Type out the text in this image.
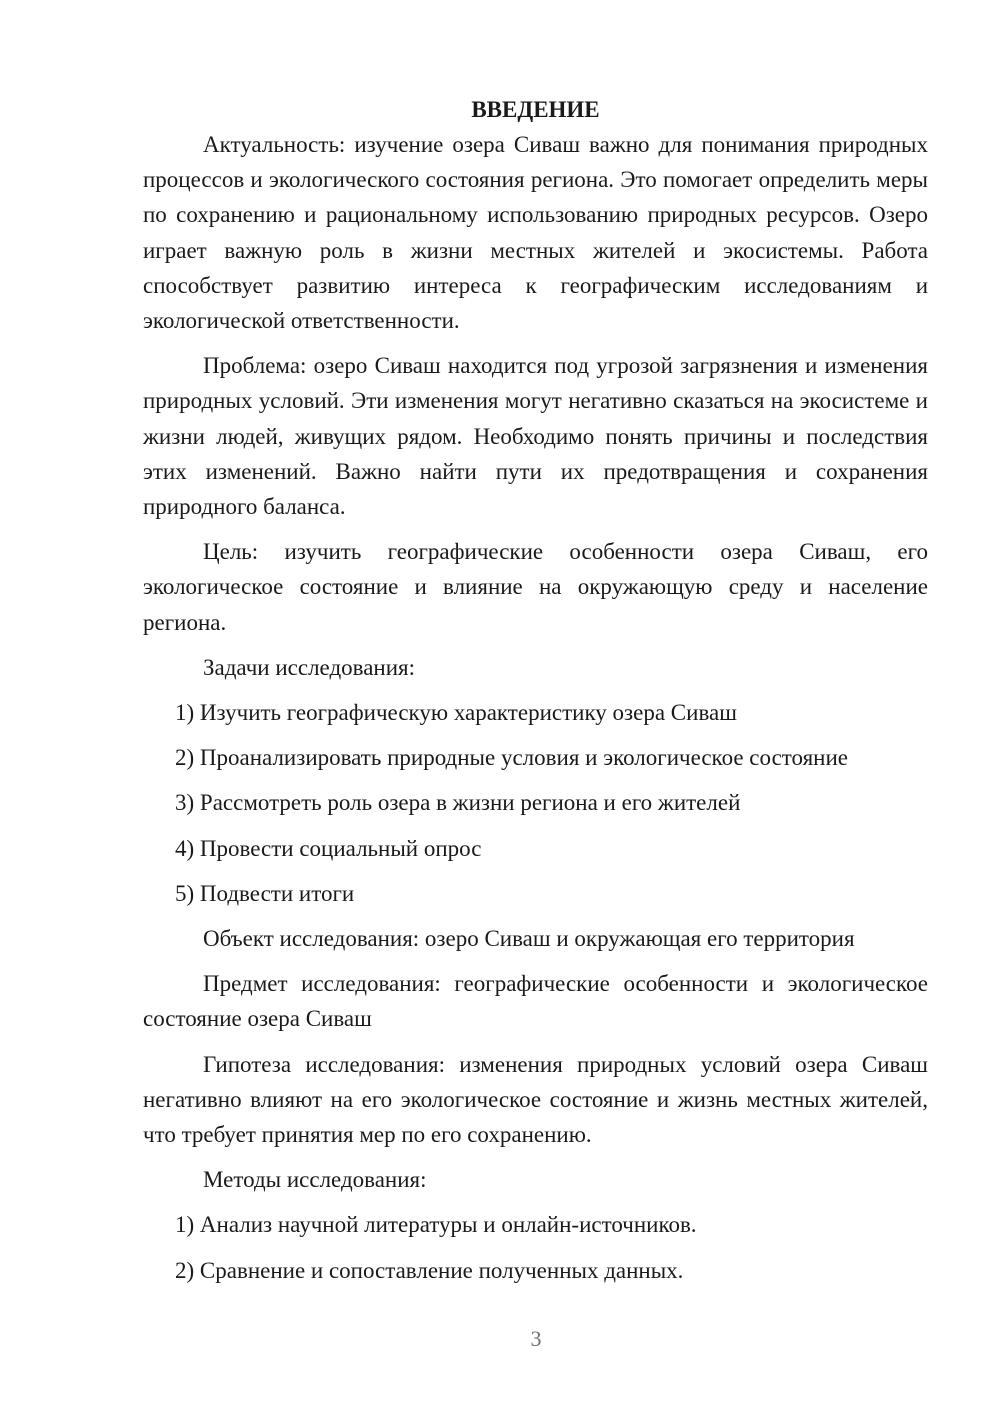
ВВЕДЕНИЕ

Актуальность: изучение озера Сиваш важно для понимания природных процессов и экологического состояния региона. Это помогает определить меры по сохранению и рациональному использованию природных ресурсов. Озеро играет важную роль в жизни местных жителей и экосистемы. Работа способствует развитию интереса к географическим исследованиям и экологической ответственности.

Проблема: озеро Сиваш находится под угрозой загрязнения и изменения природных условий. Эти изменения могут негативно сказаться на экосистеме и жизни людей, живущих рядом. Необходимо понять причины и последствия этих изменений. Важно найти пути их предотвращения и сохранения природного баланса.

Цель: изучить географические особенности озера Сиваш, его экологическое состояние и влияние на окружающую среду и население региона.

Задачи исследования:
1) Изучить географическую характеристику озера Сиваш
2) Проанализировать природные условия и экологическое состояние
3) Рассмотреть роль озера в жизни региона и его жителей
4) Провести социальный опрос
5) Подвести итоги
Объект исследования: озеро Сиваш и окружающая его территория

Предмет исследования: географические особенности и экологическое состояние озера Сиваш

Гипотеза исследования: изменения природных условий озера Сиваш негативно влияют на его экологическое состояние и жизнь местных жителей, что требует принятия мер по его сохранению.

Методы исследования:
1) Анализ научной литературы и онлайн-источников.
2) Сравнение и сопоставление полученных данных.
3
